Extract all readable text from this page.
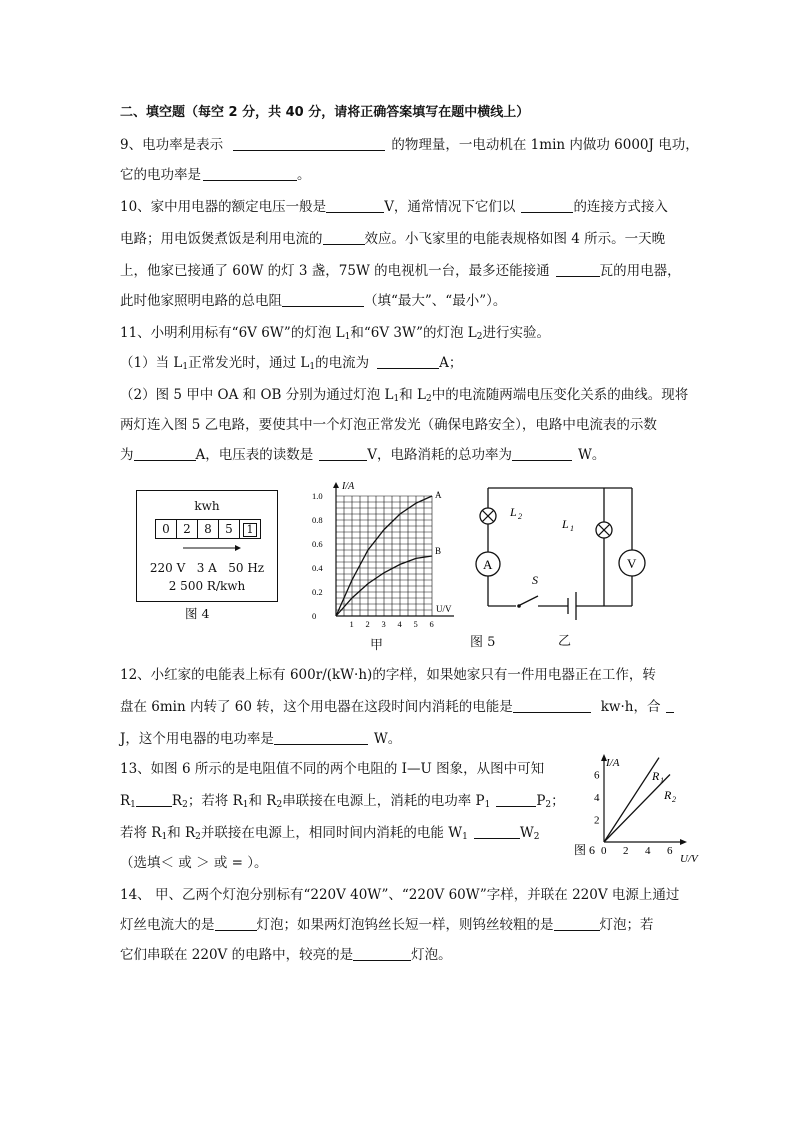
二、填空题（每空 2 分，共 40 分，请将正确答案填写在题中横线上）
9、电功率是表示	的物理量，一电动机在 1min 内做功 6000J 电功，
它的电功率是	。
10、家中用电器的额定电压一般是	V，通常情况下它们以	的连接方式接入
电路；用电饭煲煮饭是利用电流的	效应。小飞家里的电能表规格如图 4 所示。一天晚
上，他家已接通了 60W 的灯 3 盏，75W 的电视机一台，最多还能接通	瓦的用电器，
此时他家照明电路的总电阻	（填“最大”、“最小”）。
11、小明利用标有“6V 6W”的灯泡 $L_1$和“6V 3W”的灯泡 $L_2$进行实验。
（1）当 $L_1$正常发光时，通过 $L_1$的电流为	A；
（2）图 5 甲中 OA 和 OB 分别为通过灯泡 $L_1$和 $L_2$中的电流随两端电压变化关系的曲线。现将
两灯连入图 5 乙电路，要使其中一个灯泡正常发光（确保电路安全），电路中电流表的示数
为	A，电压表的读数是	V，电路消耗的总功率为	W。
kwh
0	2	8	5	1
220 V   3 A   50 Hz
2 500 R/kwh
图 4
1.0
0.8
0.6
0.4
0.2
0
1 2 3 4 5 6
I/A
U/V
A
B
甲
A	V
L 2
L 1
S
图 5	乙
12、小红家的电能表上标有 600r/(kW·h)的字样，如果她家只有一件用电器正在工作，转
盘在 6min 内转了 60 转，这个用电器在这段时间内消耗的电能是	kw·h，合
J，这个用电器的电功率是	W。
13、如图 6 所示的是电阻值不同的两个电阻的 I—U 图象，从图中可知
$R_1$	$R_2$；若将 $R_1$和 $R_2$串联接在电源上，消耗的电功率 $P_1$	$P_2$；
若将 $R_1$和 $R_2$并联接在电源上，相同时间内消耗的电能 $W_1$	$W_2$
（选填＜ 或 ＞ 或 = ）。
2
4
6
0 2 4 6
I/A
U/V
R 1
R 2
图 6
14、 甲、乙两个灯泡分别标有“220V 40W”、“220V 60W”字样，并联在 220V 电源上通过
灯丝电流大的是	灯泡；如果两灯泡钨丝长短一样，则钨丝较粗的是	灯泡；若
它们串联在 220V 的电路中，较亮的是	灯泡。
